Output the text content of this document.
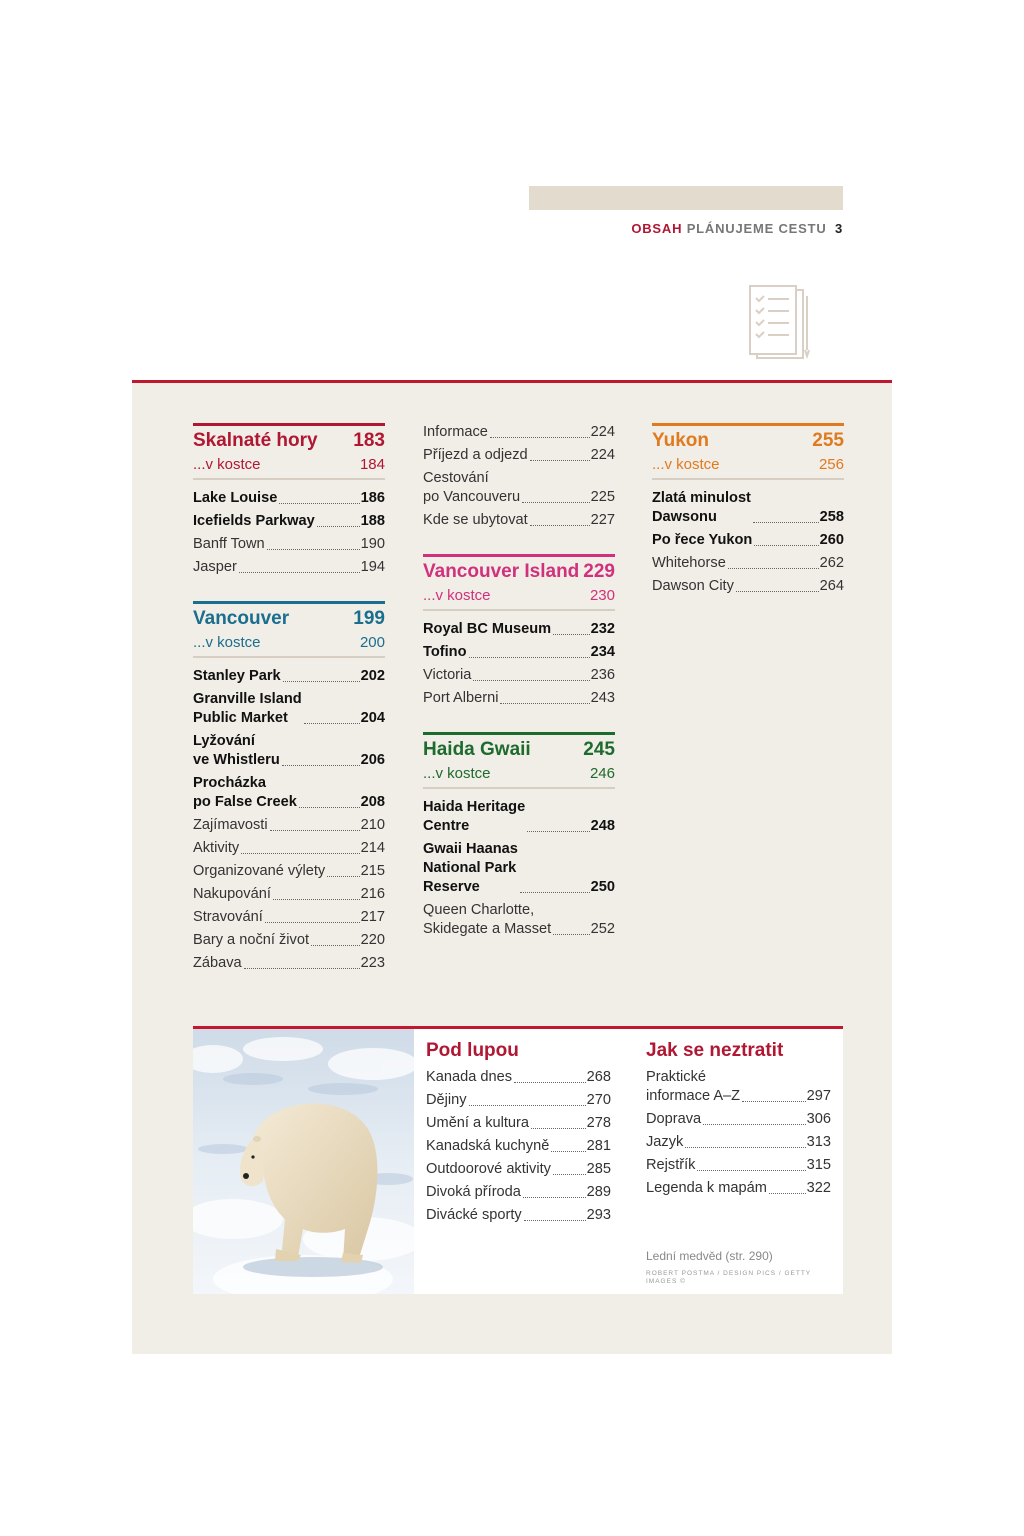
OBSAH PLÁNUJEME CESTU 3
Skalnaté hory	183
...v kostce	184
Lake Louise	186
Icefields Parkway	188
Banff Town	190
Jasper	194
Vancouver	199
...v kostce	200
Stanley Park	202
Granville Island
Public Market	204
Lyžování
ve Whistleru	206
Procházka
po False Creek	208
Zajímavosti	210
Aktivity	214
Organizované výlety 215
Nakupování	216
Stravování	217
Bary a noční život	220
Zábava	223
Informace	224
Příjezd a odjezd	224
Cestování
po Vancouveru	225
Kde se ubytovat	227
Vancouver Island 229
...v kostce	230
Royal BC Museum	232
Tofino	234
Victoria	236
Port Alberni	243
Haida Gwaii	245
...v kostce	246
Haida Heritage
Centre	248
Gwaii Haanas
National Park
Reserve	250
Queen Charlotte,
Skidegate a Masset	252
Yukon	255
...v kostce	256
Zlatá minulost
Dawsonu	258
Po řece Yukon	260
Whitehorse	262
Dawson City	264
Pod lupou
Kanada dnes	268
Dějiny	270
Umění a kultura	278
Kanadská kuchyně	281
Outdoorové aktivity 285
Divoká příroda	289
Divácké sporty	293
Jak se neztratit
Praktické
informace A–Z	297
Doprava	306
Jazyk	313
Rejstřík	315
Legenda k mapám	322
Lední medvěd (str. 290)
ROBERT POSTMA / DESIGN PICS / GETTY IMAGES ©
